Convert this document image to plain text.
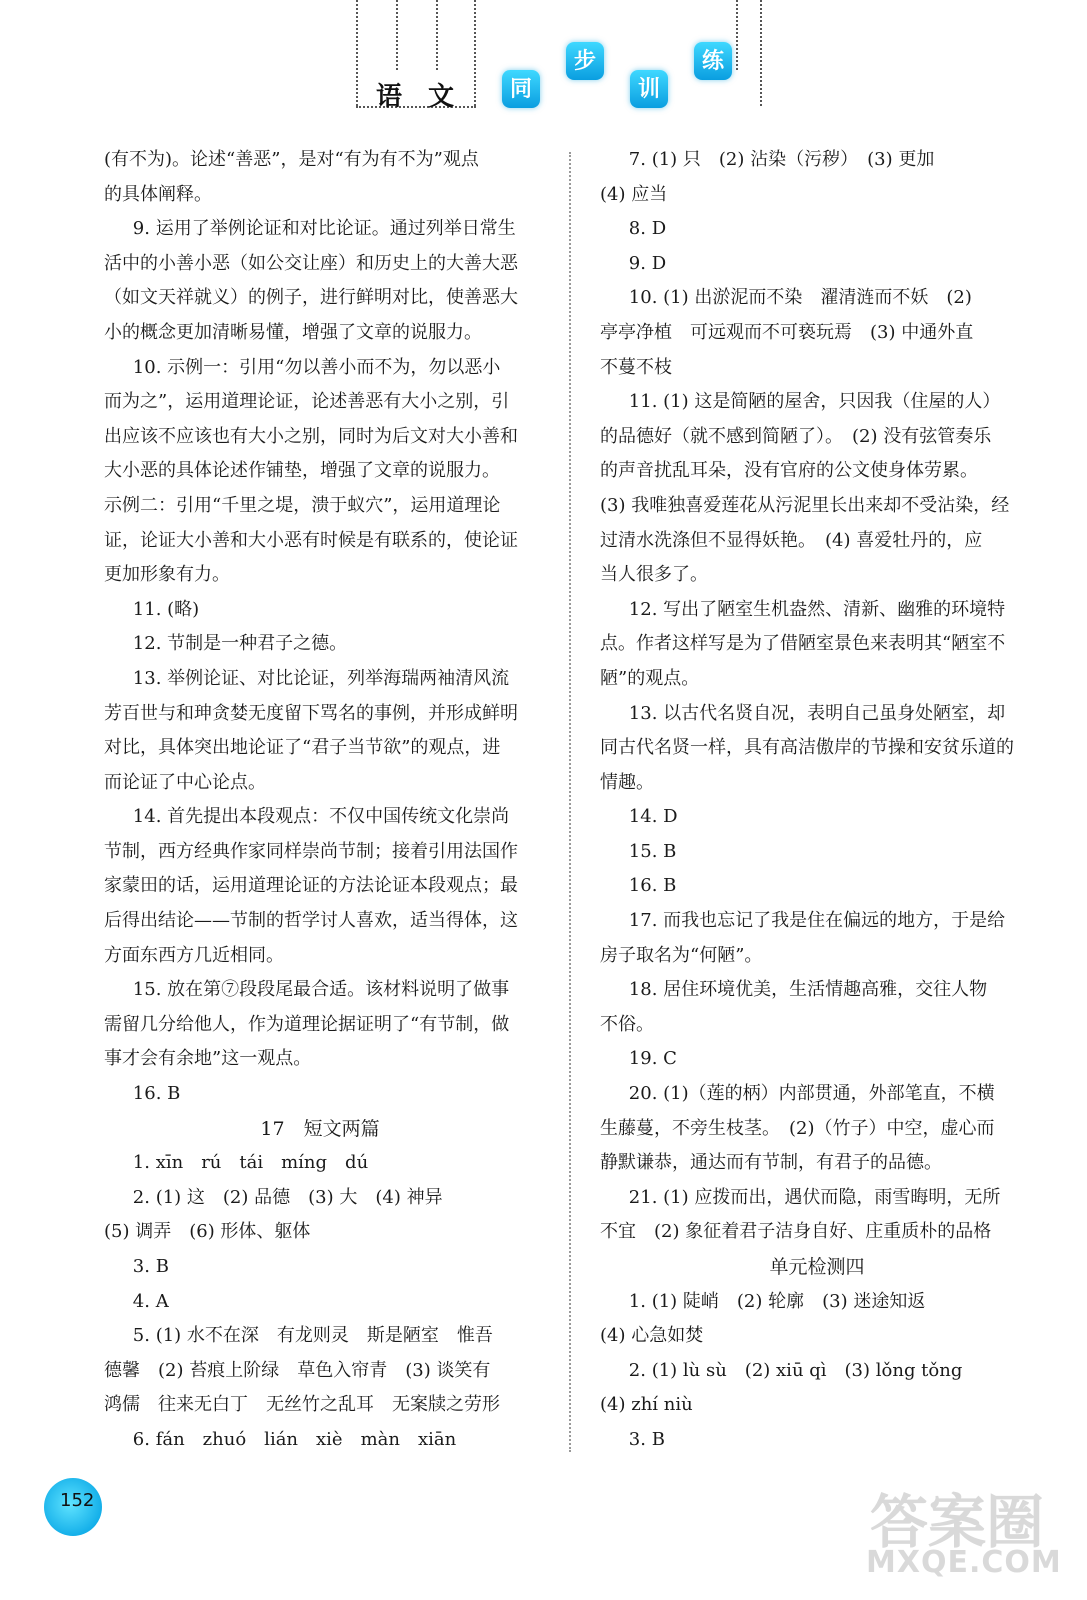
语文	同
步
训
练

(有不为)。论述“善恶”，是对“有为有不为”观点

的具体阐释。

9. 运用了举例论证和对比论证。通过列举日常生

活中的小善小恶（如公交让座）和历史上的大善大恶

（如文天祥就义）的例子，进行鲜明对比，使善恶大

小的概念更加清晰易懂，增强了文章的说服力。

10. 示例一：引用“勿以善小而不为，勿以恶小

而为之”，运用道理论证，论述善恶有大小之别，引

出应该不应该也有大小之别，同时为后文对大小善和

大小恶的具体论述作铺垫，增强了文章的说服力。

示例二：引用“千里之堤，溃于蚁穴”，运用道理论

证，论证大小善和大小恶有时候是有联系的，使论证

更加形象有力。

11. (略)

12. 节制是一种君子之德。

13. 举例论证、对比论证，列举海瑞两袖清风流

芳百世与和珅贪婪无度留下骂名的事例，并形成鲜明

对比，具体突出地论证了“君子当节欲”的观点，进

而论证了中心论点。

14. 首先提出本段观点：不仅中国传统文化崇尚

节制，西方经典作家同样崇尚节制；接着引用法国作

家蒙田的话，运用道理论证的方法论证本段观点；最

后得出结论——节制的哲学讨人喜欢，适当得体，这

方面东西方几近相同。

15. 放在第⑦段段尾最合适。该材料说明了做事

需留几分给他人，作为道理论据证明了“有节制，做

事才会有余地”这一观点。

16. B

17　短文两篇

1. xīn　rú　tái　míng　dú

2. (1) 这　(2) 品德　(3) 大　(4) 神异

(5) 调弄　(6) 形体、躯体

3. B

4. A

5. (1) 水不在深　有龙则灵　斯是陋室　惟吾

德馨　(2) 苔痕上阶绿　草色入帘青　(3) 谈笑有

鸿儒　往来无白丁　无丝竹之乱耳　无案牍之劳形

6. fán　zhuó　lián　xiè　màn　xiān

7. (1) 只　(2) 沾染（污秽）　(3) 更加

(4) 应当

8. D

9. D

10. (1) 出淤泥而不染　濯清涟而不妖　(2)

亭亭净植　可远观而不可亵玩焉　(3) 中通外直

不蔓不枝

11. (1) 这是简陋的屋舍，只因我（住屋的人）

的品德好（就不感到简陋了）。　(2) 没有弦管奏乐

的声音扰乱耳朵，没有官府的公文使身体劳累。

(3) 我唯独喜爱莲花从污泥里长出来却不受沾染，经

过清水洗涤但不显得妖艳。　(4) 喜爱牡丹的，应

当人很多了。

12. 写出了陋室生机盎然、清新、幽雅的环境特

点。作者这样写是为了借陋室景色来表明其“陋室不

陋”的观点。

13. 以古代名贤自况，表明自己虽身处陋室，却

同古代名贤一样，具有高洁傲岸的节操和安贫乐道的

情趣。

14. D

15. B

16. B

17. 而我也忘记了我是住在偏远的地方，于是给

房子取名为“何陋”。

18. 居住环境优美，生活情趣高雅，交往人物

不俗。

19. C

20. (1)（莲的柄）内部贯通，外部笔直，不横

生藤蔓，不旁生枝茎。　(2)（竹子）中空，虚心而

静默谦恭，通达而有节制，有君子的品德。

21. (1) 应拨而出，遇伏而隐，雨雪晦明，无所

不宜　(2) 象征着君子洁身自好、庄重质朴的品格

单元检测四

1. (1) 陡峭　(2) 轮廓　(3) 迷途知返

(4) 心急如焚

2. (1) lù sù　(2) xiū qì　(3) lǒng tǒng

(4) zhí niù

3. B

152	答案圈
MXQE.COM
